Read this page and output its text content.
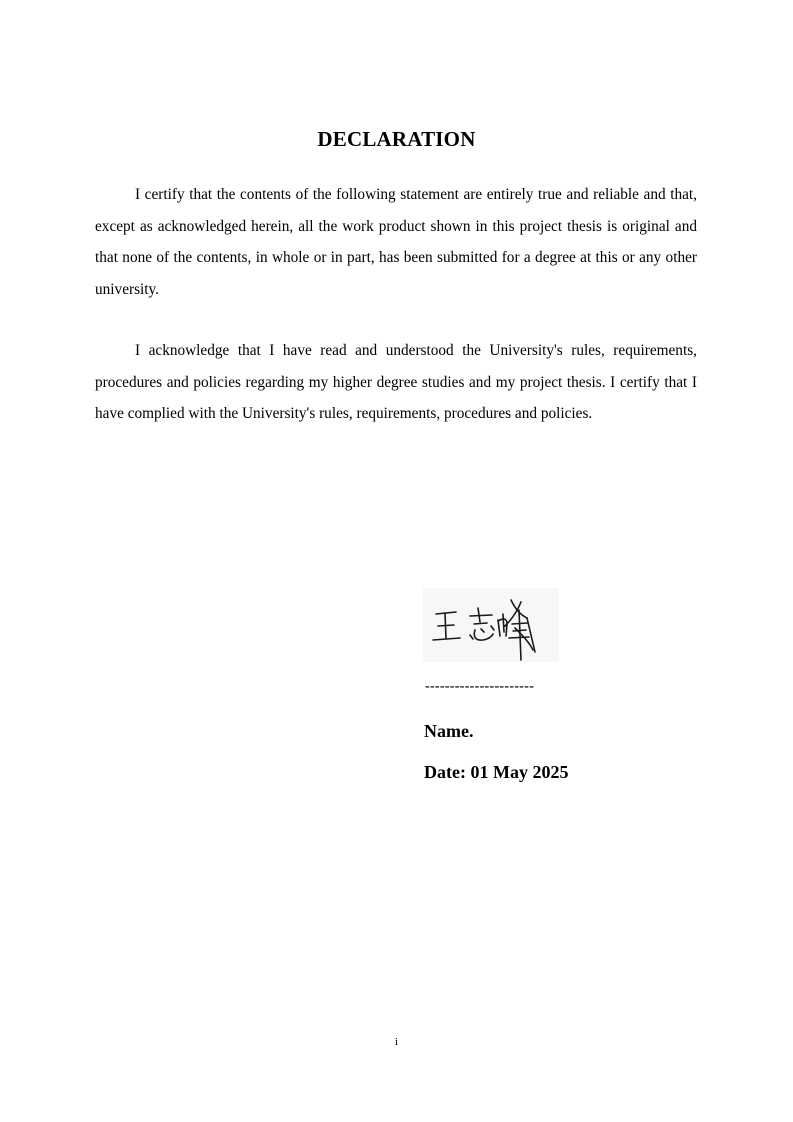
DECLARATION

I certify that the contents of the following statement are entirely true and reliable and that, except as acknowledged herein, all the work product shown in this project thesis is original and that none of the contents, in whole or in part, has been submitted for a degree at this or any other university.

I acknowledge that I have read and understood the University's rules, requirements, procedures and policies regarding my higher degree studies and my project thesis. I certify that I have complied with the University's rules, requirements, procedures and policies.

----------------------
Name.
Date: 01 May 2025
i
